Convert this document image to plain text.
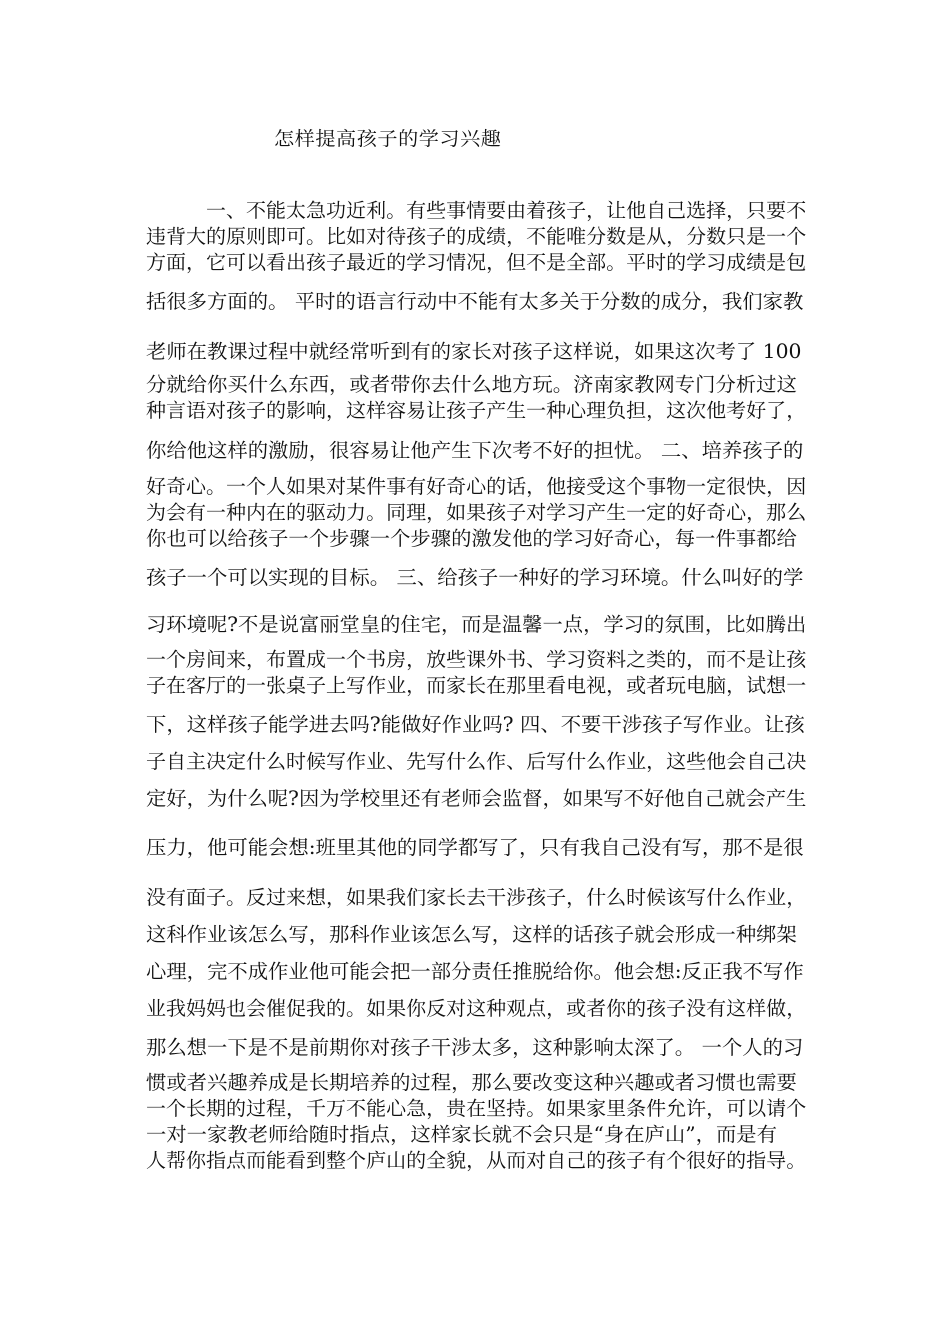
怎样提高孩子的学习兴趣
　　　一、不能太急功近利。有些事情要由着孩子，让他自己选择，只要不
违背大的原则即可。比如对待孩子的成绩，不能唯分数是从，分数只是一个
方面，它可以看出孩子最近的学习情况，但不是全部。平时的学习成绩是包
括很多方面的。 平时的语言行动中不能有太多关于分数的成分，我们家教
老师在教课过程中就经常听到有的家长对孩子这样说，如果这次考了 100
分就给你买什么东西，或者带你去什么地方玩。济南家教网专门分析过这
种言语对孩子的影响，这样容易让孩子产生一种心理负担，这次他考好了，
你给他这样的激励，很容易让他产生下次考不好的担忧。 二、培养孩子的
好奇心。一个人如果对某件事有好奇心的话，他接受这个事物一定很快，因
为会有一种内在的驱动力。同理，如果孩子对学习产生一定的好奇心，那么
你也可以给孩子一个步骤一个步骤的激发他的学习好奇心，每一件事都给
孩子一个可以实现的目标。 三、给孩子一种好的学习环境。什么叫好的学
习环境呢?不是说富丽堂皇的住宅，而是温馨一点，学习的氛围，比如腾出
一个房间来，布置成一个书房，放些课外书、学习资料之类的，而不是让孩
子在客厅的一张桌子上写作业，而家长在那里看电视，或者玩电脑，试想一
下，这样孩子能学进去吗?能做好作业吗? 四、不要干涉孩子写作业。让孩
子自主决定什么时候写作业、先写什么作、后写什么作业，这些他会自己决
定好，为什么呢?因为学校里还有老师会监督，如果写不好他自己就会产生
压力，他可能会想:班里其他的同学都写了，只有我自己没有写，那不是很
没有面子。反过来想，如果我们家长去干涉孩子，什么时候该写什么作业，
这科作业该怎么写，那科作业该怎么写，这样的话孩子就会形成一种绑架
心理，完不成作业他可能会把一部分责任推脱给你。他会想:反正我不写作
业我妈妈也会催促我的。如果你反对这种观点，或者你的孩子没有这样做，
那么想一下是不是前期你对孩子干涉太多，这种影响太深了。 一个人的习
惯或者兴趣养成是长期培养的过程，那么要改变这种兴趣或者习惯也需要
一个长期的过程，千万不能心急，贵在坚持。如果家里条件允许，可以请个
一对一家教老师给随时指点，这样家长就不会只是“身在庐山”，而是有
人帮你指点而能看到整个庐山的全貌，从而对自己的孩子有个很好的指导。
